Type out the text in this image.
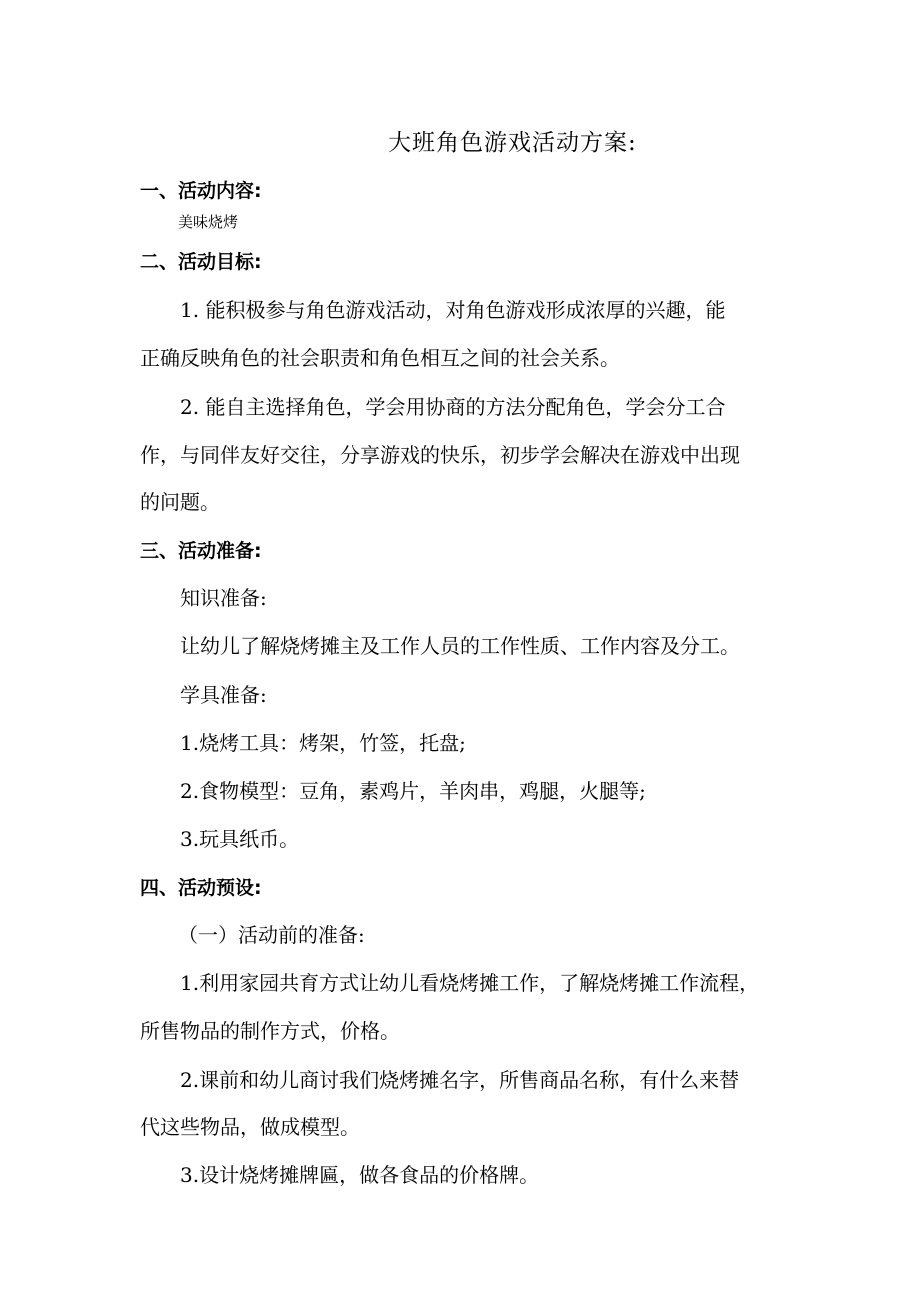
大班角色游戏活动方案:
一、活动内容:
美味烧烤
二、活动目标:
1. 能积极参与角色游戏活动，对角色游戏形成浓厚的兴趣，能
正确反映角色的社会职责和角色相互之间的社会关系。
2. 能自主选择角色，学会用协商的方法分配角色，学会分工合
作，与同伴友好交往，分享游戏的快乐，初步学会解决在游戏中出现
的问题。
三、活动准备:
知识准备:
让幼儿了解烧烤摊主及工作人员的工作性质、工作内容及分工。
学具准备:
1.烧烤工具：烤架，竹签，托盘;
2.食物模型：豆角，素鸡片，羊肉串，鸡腿，火腿等;
3.玩具纸币。
四、活动预设:
（一）活动前的准备:
1.利用家园共育方式让幼儿看烧烤摊工作，了解烧烤摊工作流程，
所售物品的制作方式，价格。
2.课前和幼儿商讨我们烧烤摊名字，所售商品名称，有什么来替
代这些物品，做成模型。
3.设计烧烤摊牌匾，做各食品的价格牌。
